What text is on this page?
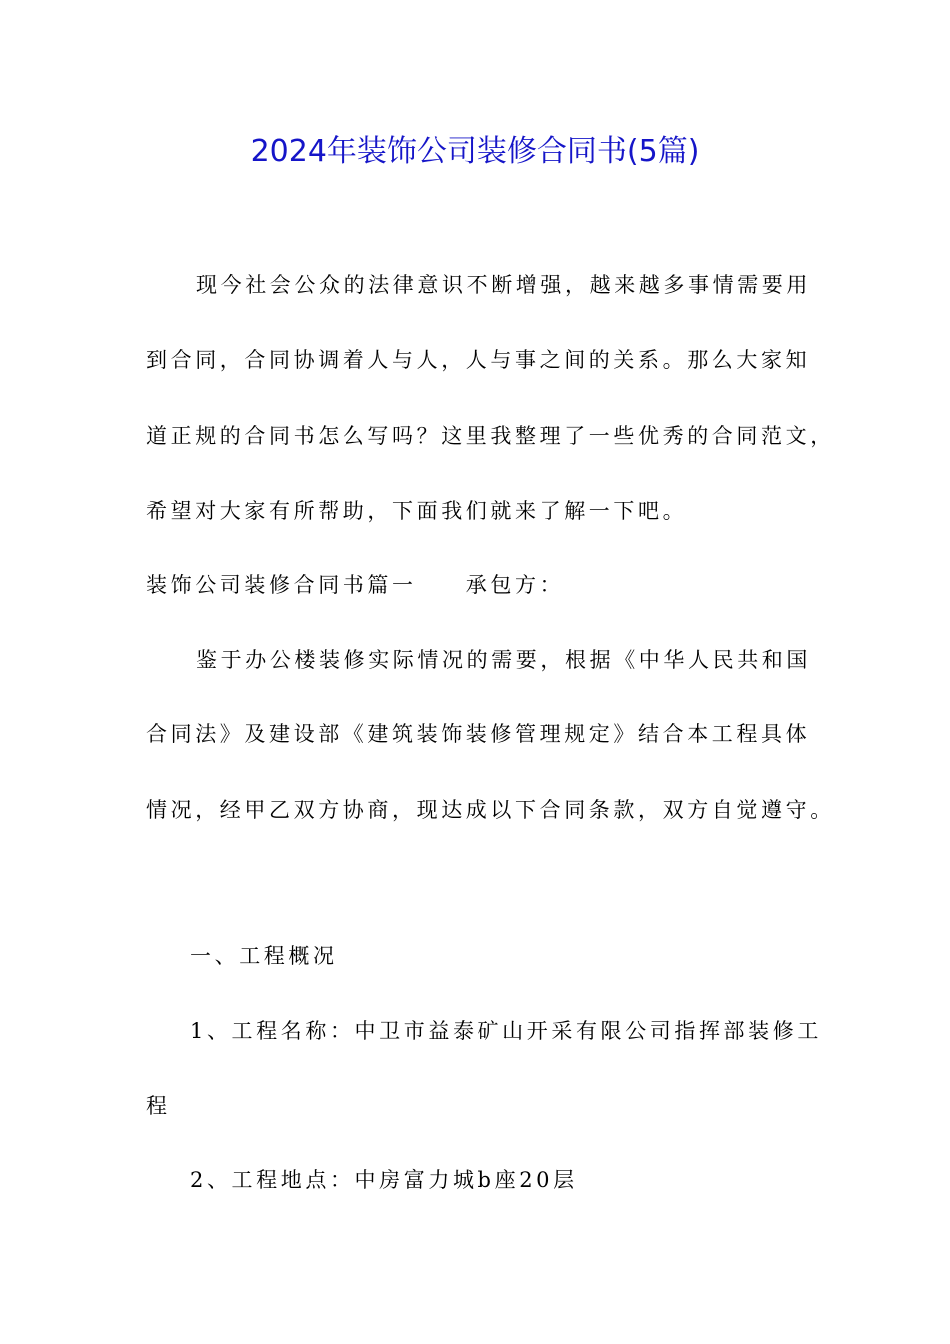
2024年装饰公司装修合同书(5篇)
现今社会公众的法律意识不断增强，越来越多事情需要用
到合同，合同协调着人与人，人与事之间的关系。那么大家知
道正规的合同书怎么写吗？这里我整理了一些优秀的合同范文，
希望对大家有所帮助，下面我们就来了解一下吧。
装饰公司装修合同书篇一　　承包方：
鉴于办公楼装修实际情况的需要，根据《中华人民共和国
合同法》及建设部《建筑装饰装修管理规定》结合本工程具体
情况，经甲乙双方协商，现达成以下合同条款，双方自觉遵守。
一、工程概况
1、工程名称：中卫市益泰矿山开采有限公司指挥部装修工
程
2、工程地点：中房富力城b座20层
